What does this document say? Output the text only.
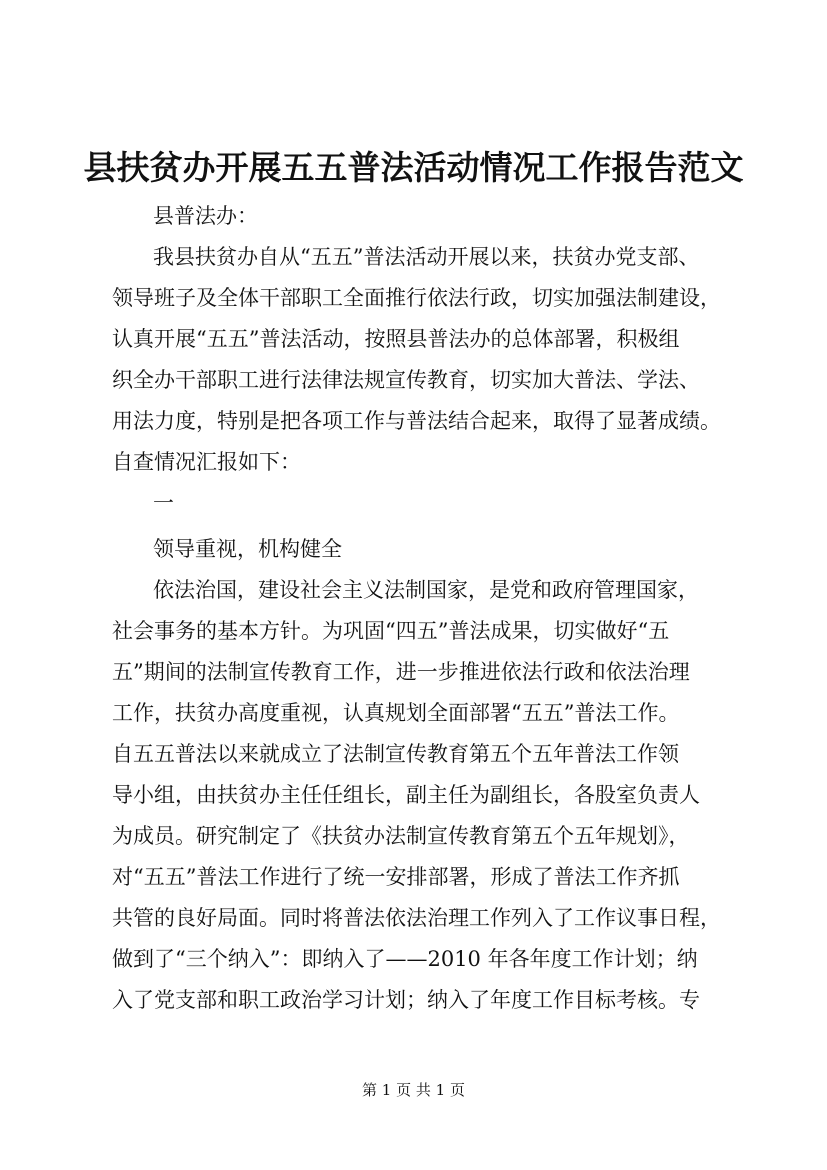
县扶贫办开展五五普法活动情况工作报告范文
县普法办：
我县扶贫办自从“五五”普法活动开展以来，扶贫办党支部、
领导班子及全体干部职工全面推行依法行政，切实加强法制建设，
认真开展“五五”普法活动，按照县普法办的总体部署，积极组
织全办干部职工进行法律法规宣传教育，切实加大普法、学法、
用法力度，特别是把各项工作与普法结合起来，取得了显著成绩。
自查情况汇报如下：
一
领导重视，机构健全
依法治国，建设社会主义法制国家，是党和政府管理国家，
社会事务的基本方针。为巩固“四五”普法成果，切实做好“五
五”期间的法制宣传教育工作，进一步推进依法行政和依法治理
工作，扶贫办高度重视，认真规划全面部署“五五”普法工作。
自五五普法以来就成立了法制宣传教育第五个五年普法工作领
导小组，由扶贫办主任任组长，副主任为副组长，各股室负责人
为成员。研究制定了《扶贫办法制宣传教育第五个五年规划》，
对“五五”普法工作进行了统一安排部署，形成了普法工作齐抓
共管的良好局面。同时将普法依法治理工作列入了工作议事日程，
做到了“三个纳入”：即纳入了——2010 年各年度工作计划；纳
入了党支部和职工政治学习计划；纳入了年度工作目标考核。专
第 1 页 共 1 页
